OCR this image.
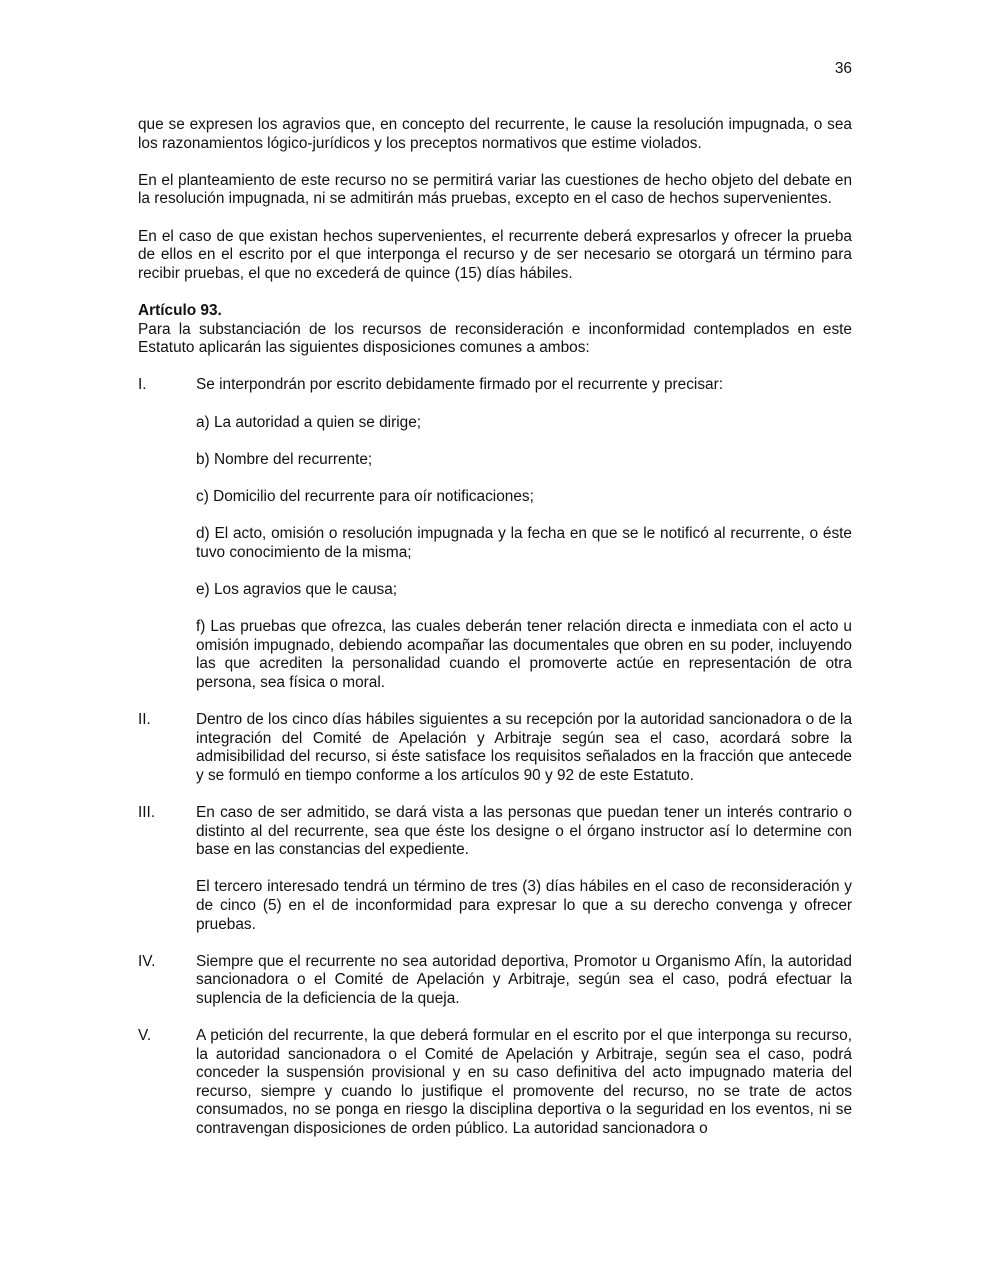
36

que se expresen los agravios que, en concepto del recurrente, le cause la resolución impugnada, o sea los razonamientos lógico-jurídicos y los preceptos normativos que estime violados.

En el planteamiento de este recurso no se permitirá variar las cuestiones de hecho objeto del debate en la resolución impugnada, ni se admitirán más pruebas, excepto en el caso de hechos supervenientes.

En el caso de que existan hechos supervenientes, el recurrente deberá expresarlos y ofrecer la prueba de ellos en el escrito por el que interponga el recurso y de ser necesario se otorgará un término para recibir pruebas, el que no excederá de quince (15) días hábiles.

Artículo 93.

Para la substanciación de los recursos de reconsideración e inconformidad contemplados en este Estatuto aplicarán las siguientes disposiciones comunes a ambos:

I.	Se interpondrán por escrito debidamente firmado por el recurrente y precisar:

a) La autoridad a quien se dirige;

b) Nombre del recurrente;

c) Domicilio del recurrente para oír notificaciones;

d) El acto, omisión o resolución impugnada y la fecha en que se le notificó al recurrente, o éste tuvo conocimiento de la misma;

e) Los agravios que le causa;

f) Las pruebas que ofrezca, las cuales deberán tener relación directa e inmediata con el acto u omisión impugnado, debiendo acompañar las documentales que obren en su poder, incluyendo las que acrediten la personalidad cuando el promoverte actúe en representación de otra persona, sea física o moral.

II.	Dentro de los cinco días hábiles siguientes a su recepción por la autoridad sancionadora o de la integración del Comité de Apelación y Arbitraje según sea el caso, acordará sobre la admisibilidad del recurso, si éste satisface los requisitos señalados en la fracción que antecede y se formuló en tiempo conforme a los artículos 90 y 92 de este Estatuto.
III.	En caso de ser admitido, se dará vista a las personas que puedan tener un interés contrario o distinto al del recurrente, sea que éste los designe o el órgano instructor así lo determine con base en las constancias del expediente.

El tercero interesado tendrá un término de tres (3) días hábiles en el caso de reconsideración y de cinco (5) en el de inconformidad para expresar lo que a su derecho convenga y ofrecer pruebas.

IV.	Siempre que el recurrente no sea autoridad deportiva, Promotor u Organismo Afín, la autoridad sancionadora o el Comité de Apelación y Arbitraje, según sea el caso, podrá efectuar la suplencia de la deficiencia de la queja.
V.	A petición del recurrente, la que deberá formular en el escrito por el que interponga su recurso, la autoridad sancionadora o el Comité de Apelación y Arbitraje, según sea el caso, podrá conceder la suspensión provisional y en su caso definitiva del acto impugnado materia del recurso, siempre y cuando lo justifique el promovente del recurso, no se trate de actos consumados, no se ponga en riesgo la disciplina deportiva o la seguridad en los eventos, ni se contravengan disposiciones de orden público. La autoridad sancionadora o
